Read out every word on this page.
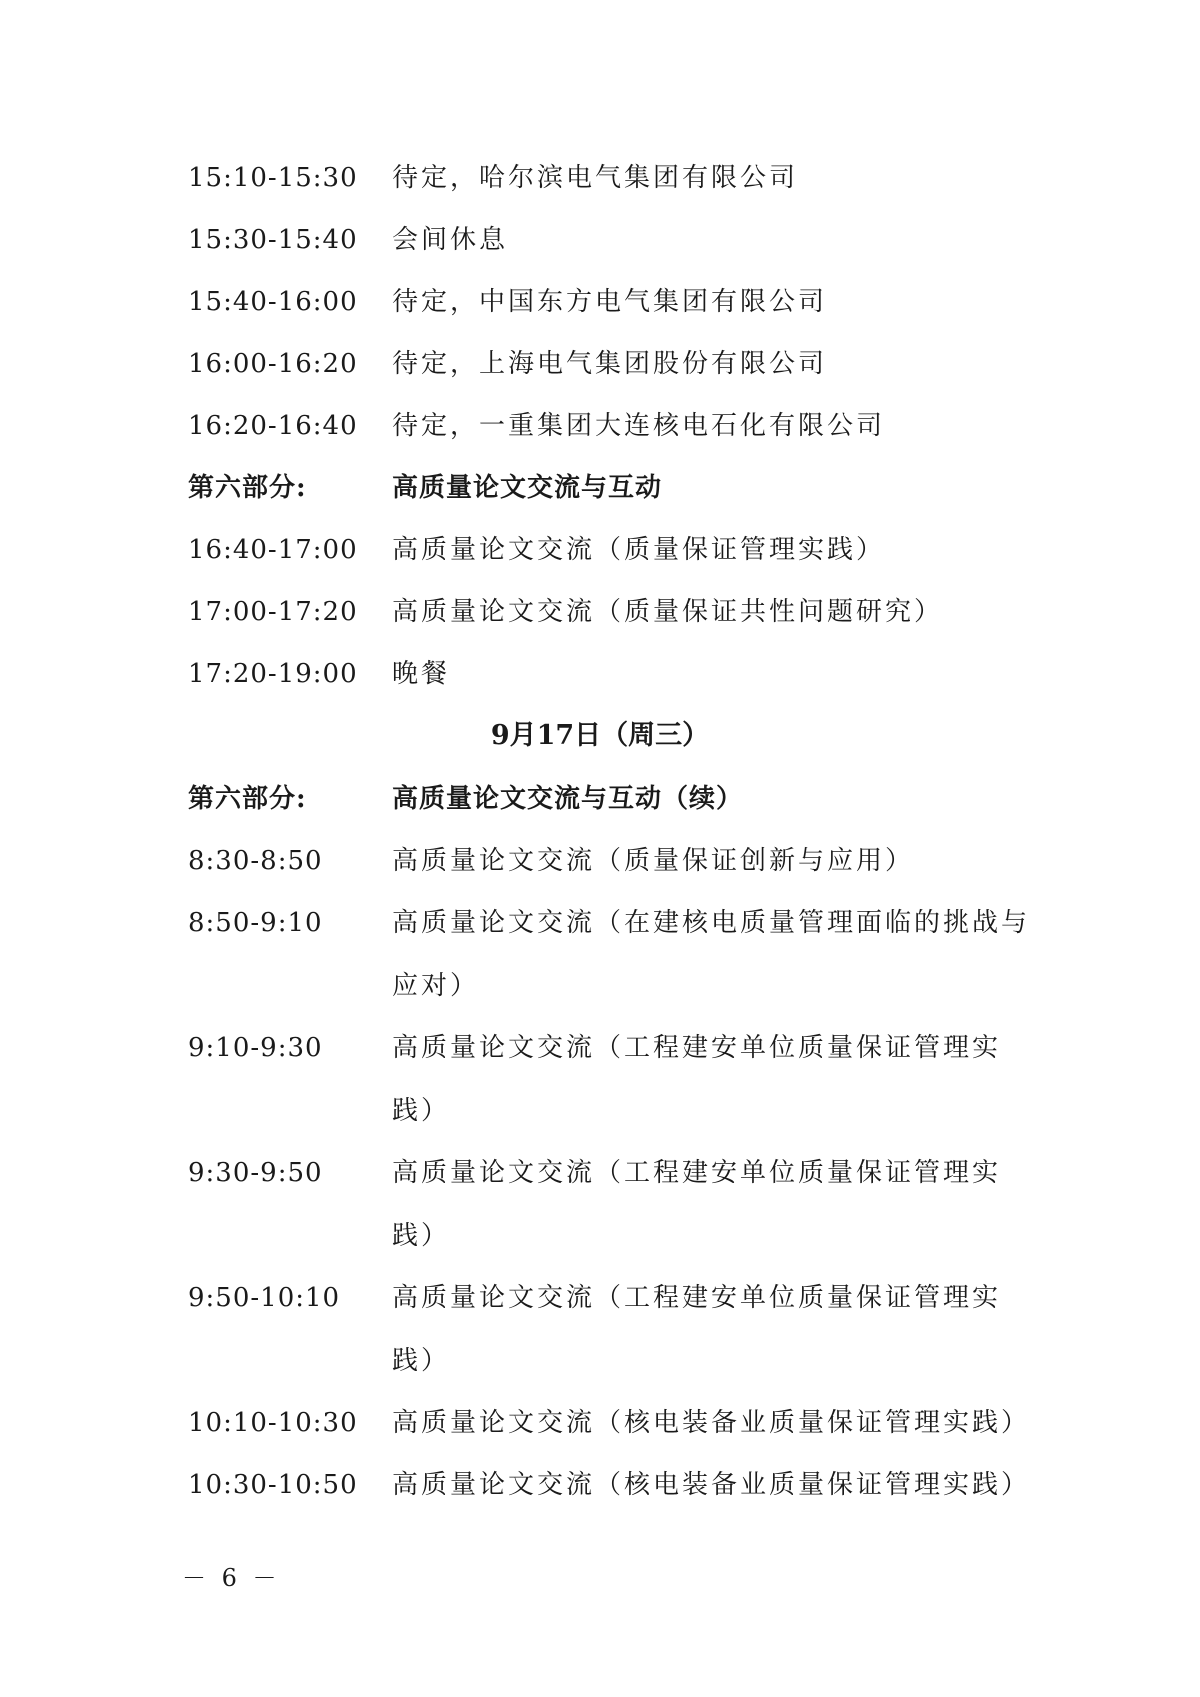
15:10-15:30 待定，哈尔滨电气集团有限公司
15:30-15:40 会间休息
15:40-16:00 待定，中国东方电气集团有限公司
16:00-16:20 待定，上海电气集团股份有限公司
16:20-16:40 待定，一重集团大连核电石化有限公司
第六部分:	高质量论文交流与互动
16:40-17:00 高质量论文交流（质量保证管理实践）
17:00-17:20 高质量论文交流（质量保证共性问题研究）
17:20-19:00 晚餐
9月17日（周三）
第六部分:	高质量论文交流与互动（续）
8:30-8:50	高质量论文交流（质量保证创新与应用）
8:50-9:10	高质量论文交流（在建核电质量管理面临的挑战与
应对）
9:10-9:30	高质量论文交流（工程建安单位质量保证管理实
践）
9:30-9:50	高质量论文交流（工程建安单位质量保证管理实
践）
9:50-10:10 高质量论文交流（工程建安单位质量保证管理实
践）
10:10-10:30 高质量论文交流（核电装备业质量保证管理实践）
10:30-10:50 高质量论文交流（核电装备业质量保证管理实践）
－ 6 －
